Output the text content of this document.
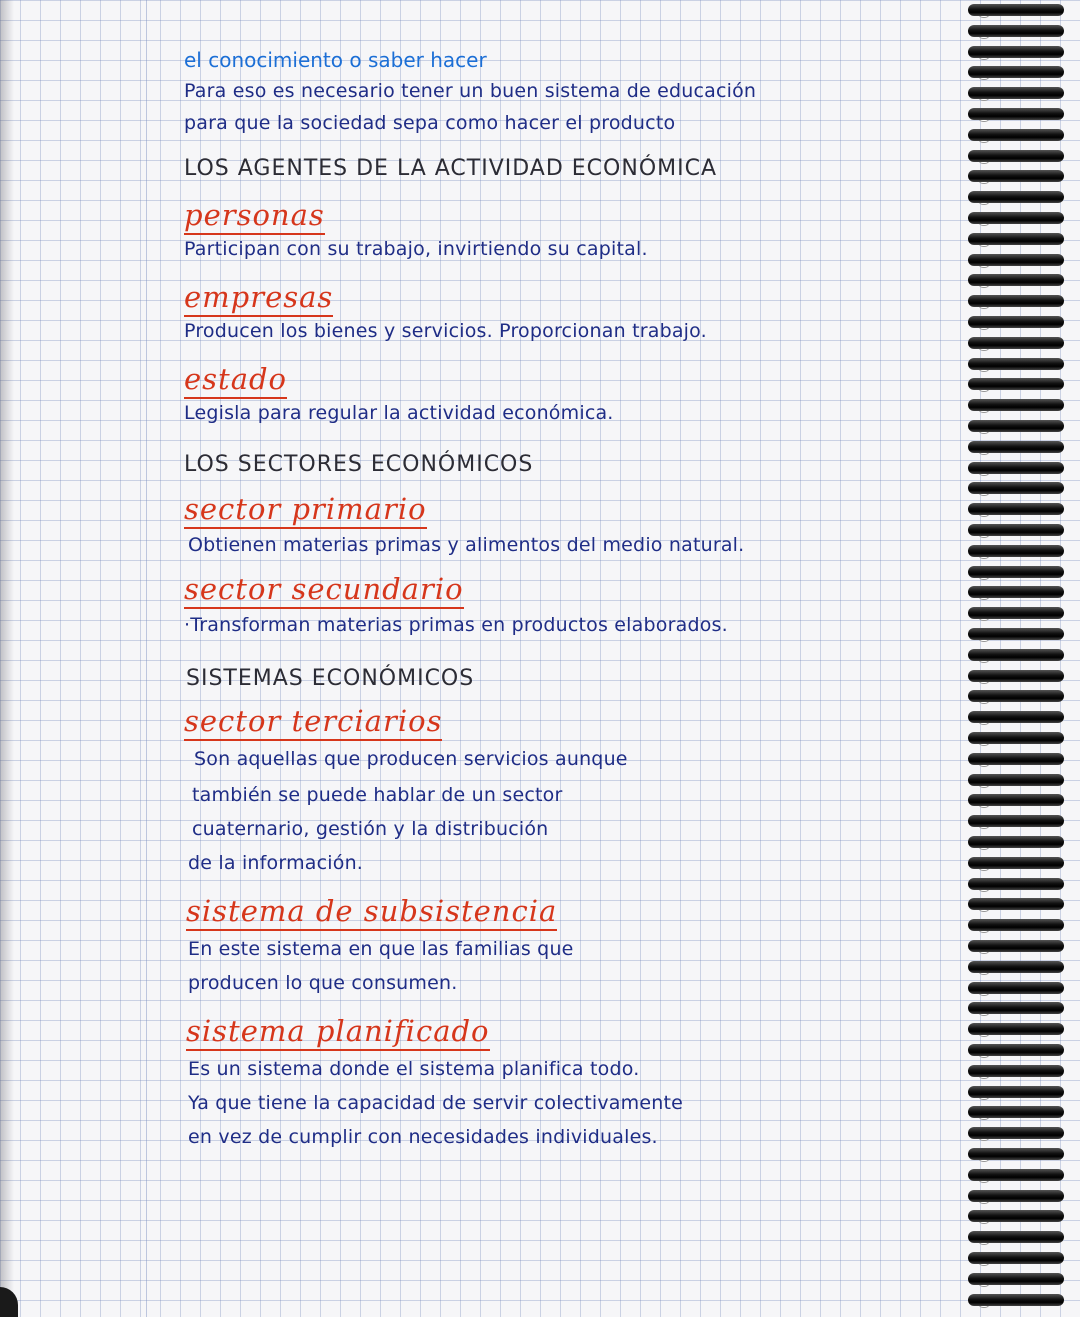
el conocimiento o saber hacer

Para eso es necesario tener un buen sistema de educación

para que la sociedad sepa como hacer el producto

LOS AGENTES DE LA ACTIVIDAD ECONÓMICA

personas

Participan con su trabajo, invirtiendo su capital.

empresas

Producen los bienes y servicios. Proporcionan trabajo.

estado

Legisla para regular la actividad económica.

LOS SECTORES ECONÓMICOS

sector primario

Obtienen materias primas y alimentos del medio natural.

sector secundario

·Transforman materias primas en productos elaborados.

SISTEMAS ECONÓMICOS

sector terciarios

Son aquellas que producen servicios aunque

también se puede hablar de un sector

cuaternario, gestión y la distribución

de la información.

sistema de subsistencia

En este sistema en que las familias que

producen lo que consumen.

sistema planificado

Es un sistema donde el sistema planifica todo.

Ya que tiene la capacidad de servir colectivamente

en vez de cumplir con necesidades individuales.
